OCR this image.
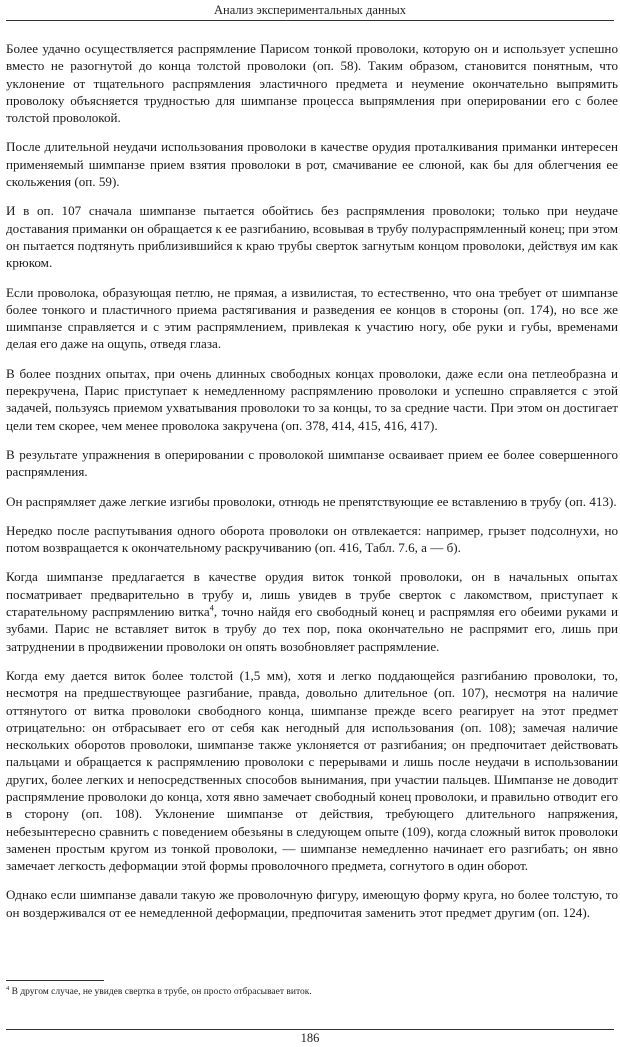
Анализ экспериментальных данных

Более удачно осуществляется распрямление Парисом тонкой проволоки, которую он и использует успешно вместо не разогнутой до конца толстой проволоки (оп. 58). Таким образом, становится понятным, что уклонение от тщательного распрямления эластичного предмета и неумение окончательно выпрямить проволоку объясняется трудностью для шимпанзе процесса выпрямления при оперировании его с более толстой проволокой.

После длительной неудачи использования проволоки в качестве орудия проталкивания приманки интересен применяемый шимпанзе прием взятия проволоки в рот, смачивание ее слюной, как бы для облегчения ее скольжения (оп. 59).

И в оп. 107 сначала шимпанзе пытается обойтись без распрямления проволоки; только при неудаче доставания приманки он обращается к ее разгибанию, всовывая в трубу полураспрямленный конец; при этом он пытается подтянуть приблизившийся к краю трубы сверток загнутым концом проволоки, действуя им как крюком.

Если проволока, образующая петлю, не прямая, а извилистая, то естественно, что она требует от шимпанзе более тонкого и пластичного приема растягивания и разведения ее концов в стороны (оп. 174), но все же шимпанзе справляется и с этим распрямлением, привлекая к участию ногу, обе руки и губы, временами делая его даже на ощупь, отведя глаза.

В более поздних опытах, при очень длинных свободных концах проволоки, даже если она петлеобразна и перекручена, Парис приступает к немедленному распрямлению проволоки и успешно справляется с этой задачей, пользуясь приемом ухватывания проволоки то за концы, то за средние части. При этом он достигает цели тем скорее, чем менее проволока закручена (оп. 378, 414, 415, 416, 417).

В результате упражнения в оперировании с проволокой шимпанзе осваивает прием ее более совершенного распрямления.

Он распрямляет даже легкие изгибы проволоки, отнюдь не препятствующие ее вставлению в трубу (оп. 413).

Нередко после распутывания одного оборота проволоки он отвлекается: например, грызет подсолнухи, но потом возвращается к окончательному раскручиванию (оп. 416, Табл. 7.6, а — б).

Когда шимпанзе предлагается в качестве орудия виток тонкой проволоки, он в начальных опытах посматривает предварительно в трубу и, лишь увидев в трубе сверток с лакомством, приступает к старательному распрямлению витка$^4$, точно найдя его свободный конец и распрямляя его обеими руками и зубами. Парис не вставляет виток в трубу до тех пор, пока окончательно не распрямит его, лишь при затруднении в продвижении проволоки он опять возобновляет распрямление.

Когда ему дается виток более толстой (1,5 мм), хотя и легко поддающейся разгибанию проволоки, то, несмотря на предшествующее разгибание, правда, довольно длительное (оп. 107), несмотря на наличие оттянутого от витка проволоки свободного конца, шимпанзе прежде всего реагирует на этот предмет отрицательно: он отбрасывает его от себя как негодный для использования (оп. 108); замечая наличие нескольких оборотов проволоки, шимпанзе также уклоняется от разгибания; он предпочитает действовать пальцами и обращается к распрямлению проволоки с перерывами и лишь после неудачи в использовании других, более легких и непосредственных способов вынимания, при участии пальцев. Шимпанзе не доводит распрямление проволоки до конца, хотя явно замечает свободный конец проволоки, и правильно отводит его в сторону (оп. 108). Уклонение шимпанзе от действия, требующего длительного напряжения, небезынтересно сравнить с поведением обезьяны в следующем опыте (109), когда сложный виток проволоки заменен простым кругом из тонкой проволоки, — шимпанзе немедленно начинает его разгибать; он явно замечает легкость деформации этой формы проволочного предмета, согнутого в один оборот.

Однако если шимпанзе давали такую же проволочную фигуру, имеющую форму круга, но более толстую, то он воздерживался от ее немедленной деформации, предпочитая заменить этот предмет другим (оп. 124).

$^4$ В другом случае, не увидев свертка в трубе, он просто отбрасывает виток.
186
